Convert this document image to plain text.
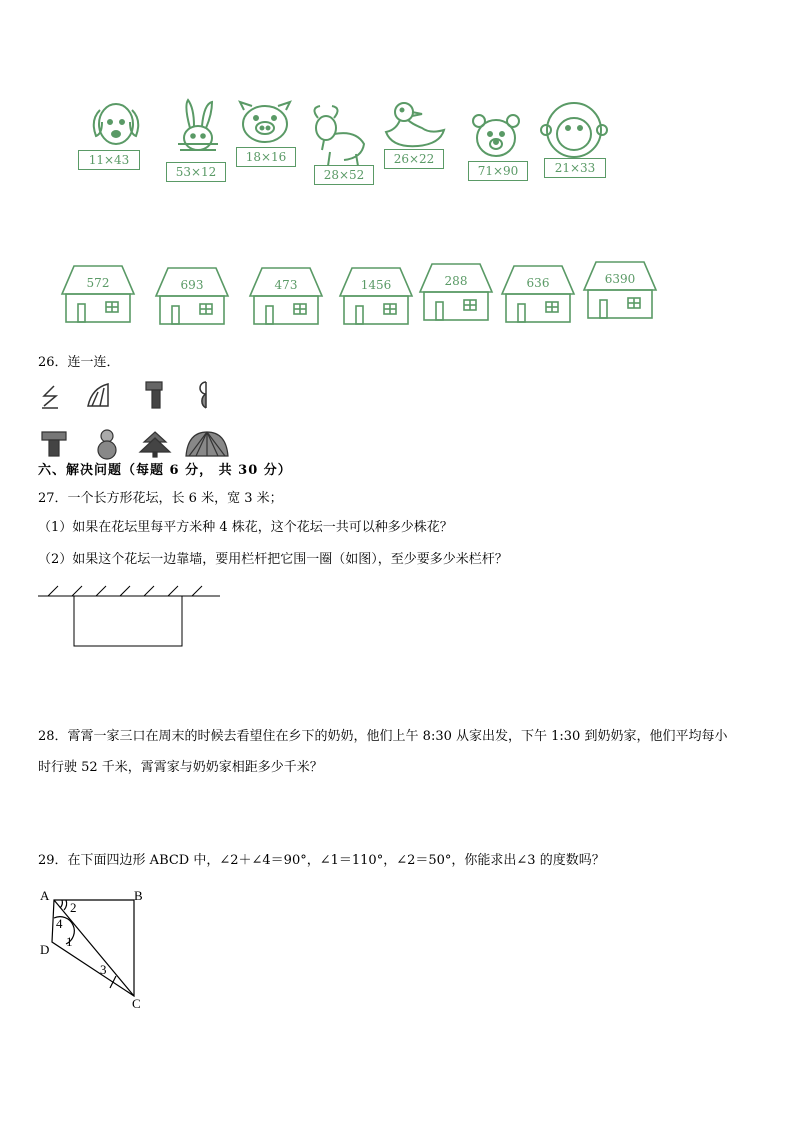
11×43
53×12
18×16
28×52
26×22
71×90	21×33
572	693	473	1456	288	636	6390
26．连一连．
六、解决问题（每题 6 分， 共 30 分）
27．一个长方形花坛，长 6 米，宽 3 米；
（1）如果在花坛里每平方米种 4 株花，这个花坛一共可以种多少株花？
（2）如果这个花坛一边靠墙，要用栏杆把它围一圈（如图），至少要多少米栏杆？
28．霄霄一家三口在周末的时候去看望住在乡下的奶奶，他们上午 8:30 从家出发，下午 1:30 到奶奶家，他们平均每小
时行驶 52 千米，霄霄家与奶奶家相距多少千米？
29．在下面四边形 ABCD 中，∠2＋∠4＝90°，∠1＝110°，∠2＝50°，你能求出∠3 的度数吗？
A	B
D
C
2
4
1
3
